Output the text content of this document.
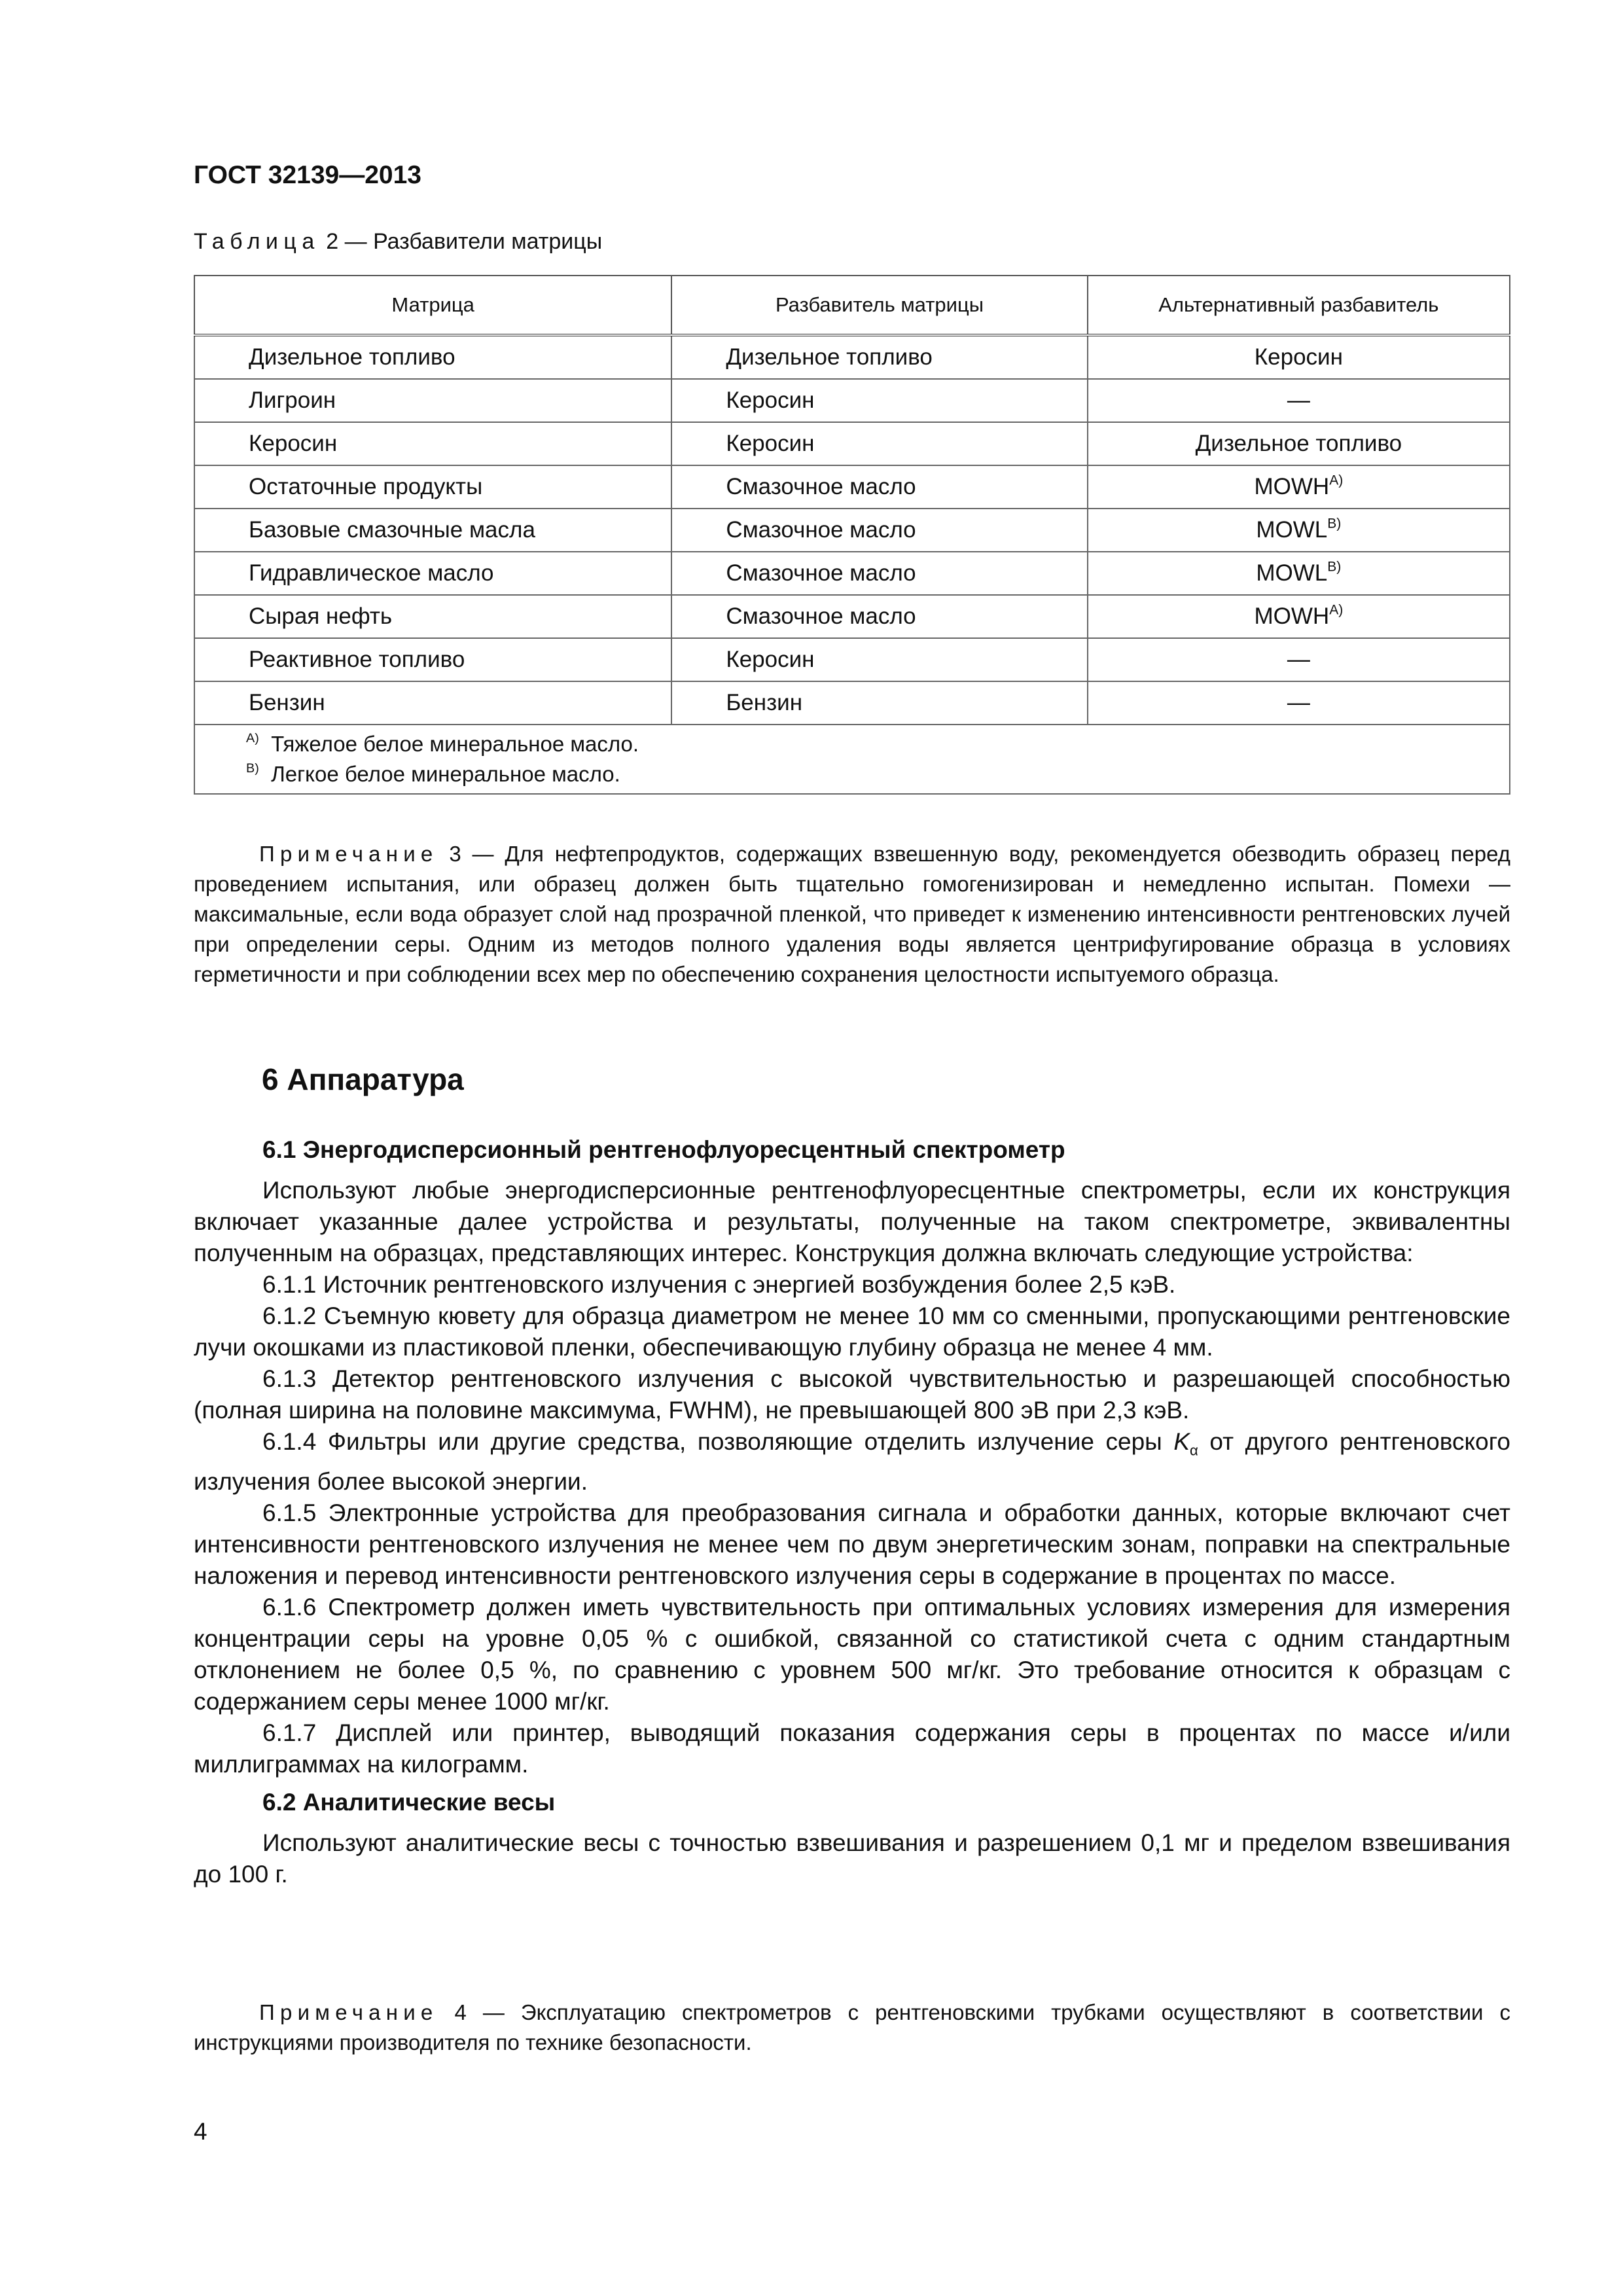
ГОСТ 32139—2013
Таблица 2 — Разбавители матрицы
Матрица	Разбавитель матрицы	Альтернативный разбавитель
Дизельное топливо	Дизельное топливо	Керосин
Лигроин	Керосин	—
Керосин	Керосин	Дизельное топливо
Остаточные продукты	Смазочное масло	$MOWH^{A)}$
Базовые смазочные масла	Смазочное масло	$MOWL^{B)}$
Гидравлическое масло	Смазочное масло	$MOWL^{B)}$
Сырая нефть	Смазочное масло	$MOWH^{A)}$
Реактивное топливо	Керосин	—
Бензин	Бензин	—

$^{A)}$ Тяжелое белое минеральное масло.
$^{B)}$ Легкое белое минеральное масло.		

Примечание 3 — Для нефтепродуктов, содержащих взвешенную воду, рекомендуется обезводить образец перед проведением испытания, или образец должен быть тщательно гомогенизирован и немедленно испытан. Помехи — максимальные, если вода образует слой над прозрачной пленкой, что приведет к изменению интенсивности рентгеновских лучей при определении серы. Одним из методов полного удаления воды является центрифугирование образца в условиях герметичности и при соблюдении всех мер по обеспечению сохранения целостности испытуемого образца.

6 Аппаратура
6.1 Энергодисперсионный рентгенофлуоресцентный спектрометр

Используют любые энергодисперсионные рентгенофлуоресцентные спектрометры, если их конструкция включает указанные далее устройства и результаты, полученные на таком спектрометре, эквивалентны полученным на образцах, представляющих интерес. Конструкция должна включать следующие устройства:

6.1.1 Источник рентгеновского излучения с энергией возбуждения более 2,5 кэВ.

6.1.2 Съемную кювету для образца диаметром не менее 10 мм со сменными, пропускающими рентгеновские лучи окошками из пластиковой пленки, обеспечивающую глубину образца не менее 4 мм.

6.1.3 Детектор рентгеновского излучения с высокой чувствительностью и разрешающей способностью (полная ширина на половине максимума, FWHM), не превышающей 800 эВ при 2,3 кэВ.

6.1.4 Фильтры или другие средства, позволяющие отделить излучение серы $K_\alpha$ от другого рентгеновского излучения более высокой энергии.

6.1.5 Электронные устройства для преобразования сигнала и обработки данных, которые включают счет интенсивности рентгеновского излучения не менее чем по двум энергетическим зонам, поправки на спектральные наложения и перевод интенсивности рентгеновского излучения серы в содержание в процентах по массе.

6.1.6 Спектрометр должен иметь чувствительность при оптимальных условиях измерения для измерения концентрации серы на уровне 0,05 % с ошибкой, связанной со статистикой счета с одним стандартным отклонением не более 0,5 %, по сравнению с уровнем 500 мг/кг. Это требование относится к образцам с содержанием серы менее 1000 мг/кг.

6.1.7 Дисплей или принтер, выводящий показания содержания серы в процентах по массе и/или миллиграммах на килограмм.

6.2 Аналитические весы

Используют аналитические весы с точностью взвешивания и разрешением 0,1 мг и пределом взвешивания до 100 г.

Примечание 4 — Эксплуатацию спектрометров с рентгеновскими трубками осуществляют в соответствии с инструкциями производителя по технике безопасности.

4
